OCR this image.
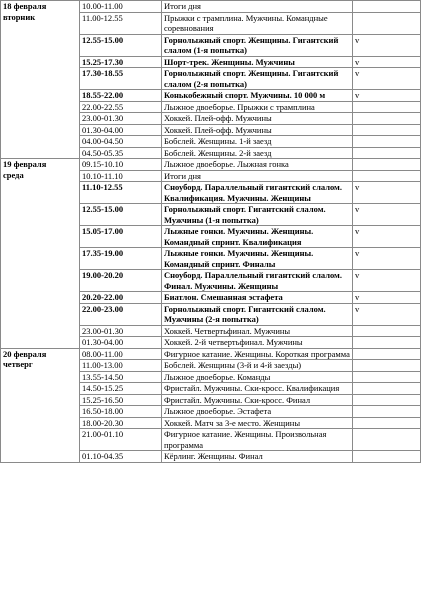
18 февраля
вторник	10.00-11.00	Итоги дня	
	11.00-12.55	Прыжки с трамплина. Мужчины. Командные соревнования	
	12.55-15.00	Горнолыжный спорт. Женщины. Гигантский слалом (1-я попытка)	v
	15.25-17.30	Шорт-трек. Женщины. Мужчины	v
	17.30-18.55	Горнолыжный спорт. Женщины. Гигантский слалом (2-я попытка)	v
	18.55-22.00	Конькобежный спорт. Мужчины. 10 000 м	v
	22.00-22.55	Лыжное двоеборье. Прыжки с трамплина	
	23.00-01.30	Хоккей. Плей-офф. Мужчины	
	01.30-04.00	Хоккей. Плей-офф. Мужчины	
	04.00-04.50	Бобслей. Женщины. 1-й заезд	
	04.50-05.35	Бобслей. Женщины. 2-й заезд	

19 февраля
среда	09.15-10.10	Лыжное двоеборье. Лыжная гонка	
	10.10-11.10	Итоги дня	
	11.10-12.55	Сноуборд. Параллельный гигантский слалом. Квалификация. Мужчины. Женщины	v
	12.55-15.00	Горнолыжный спорт. Гигантский слалом. Мужчины (1-я попытка)	v
	15.05-17.00	Лыжные гонки. Мужчины. Женщины. Командный спринт. Квалификация	v
	17.35-19.00	Лыжные гонки. Мужчины. Женщины. Командный спринт. Финалы	v
	19.00-20.20	Сноуборд. Параллельный гигантский слалом. Финал. Мужчины. Женщины	v
	20.20-22.00	Биатлон. Смешанная эстафета	v
	22.00-23.00	Горнолыжный спорт. Гигантский слалом. Мужчины (2-я попытка)	v
	23.00-01.30	Хоккей. Четвертьфинал. Мужчины	
	01.30-04.00	Хоккей. 2-й четвертьфинал. Мужчины	

20 февраля
четверг	08.00-11.00	Фигурное катание. Женщины. Короткая программа	
	11.00-13.00	Бобслей. Женщины (3-й и 4-й заезды)	
	13.55-14.50	Лыжное двоеборье. Команды	
	14.50-15.25	Фристайл. Мужчины. Ски-кросс. Квалификация	
	15.25-16.50	Фристайл. Мужчины. Ски-кросс. Финал	
	16.50-18.00	Лыжное двоеборье. Эстафета	
	18.00-20.30	Хоккей. Матч за 3-е место. Женщины	
	21.00-01.10	Фигурное катание. Женщины. Произвольная программа	
	01.10-04.35	Кёрлинг. Женщины. Финал	
